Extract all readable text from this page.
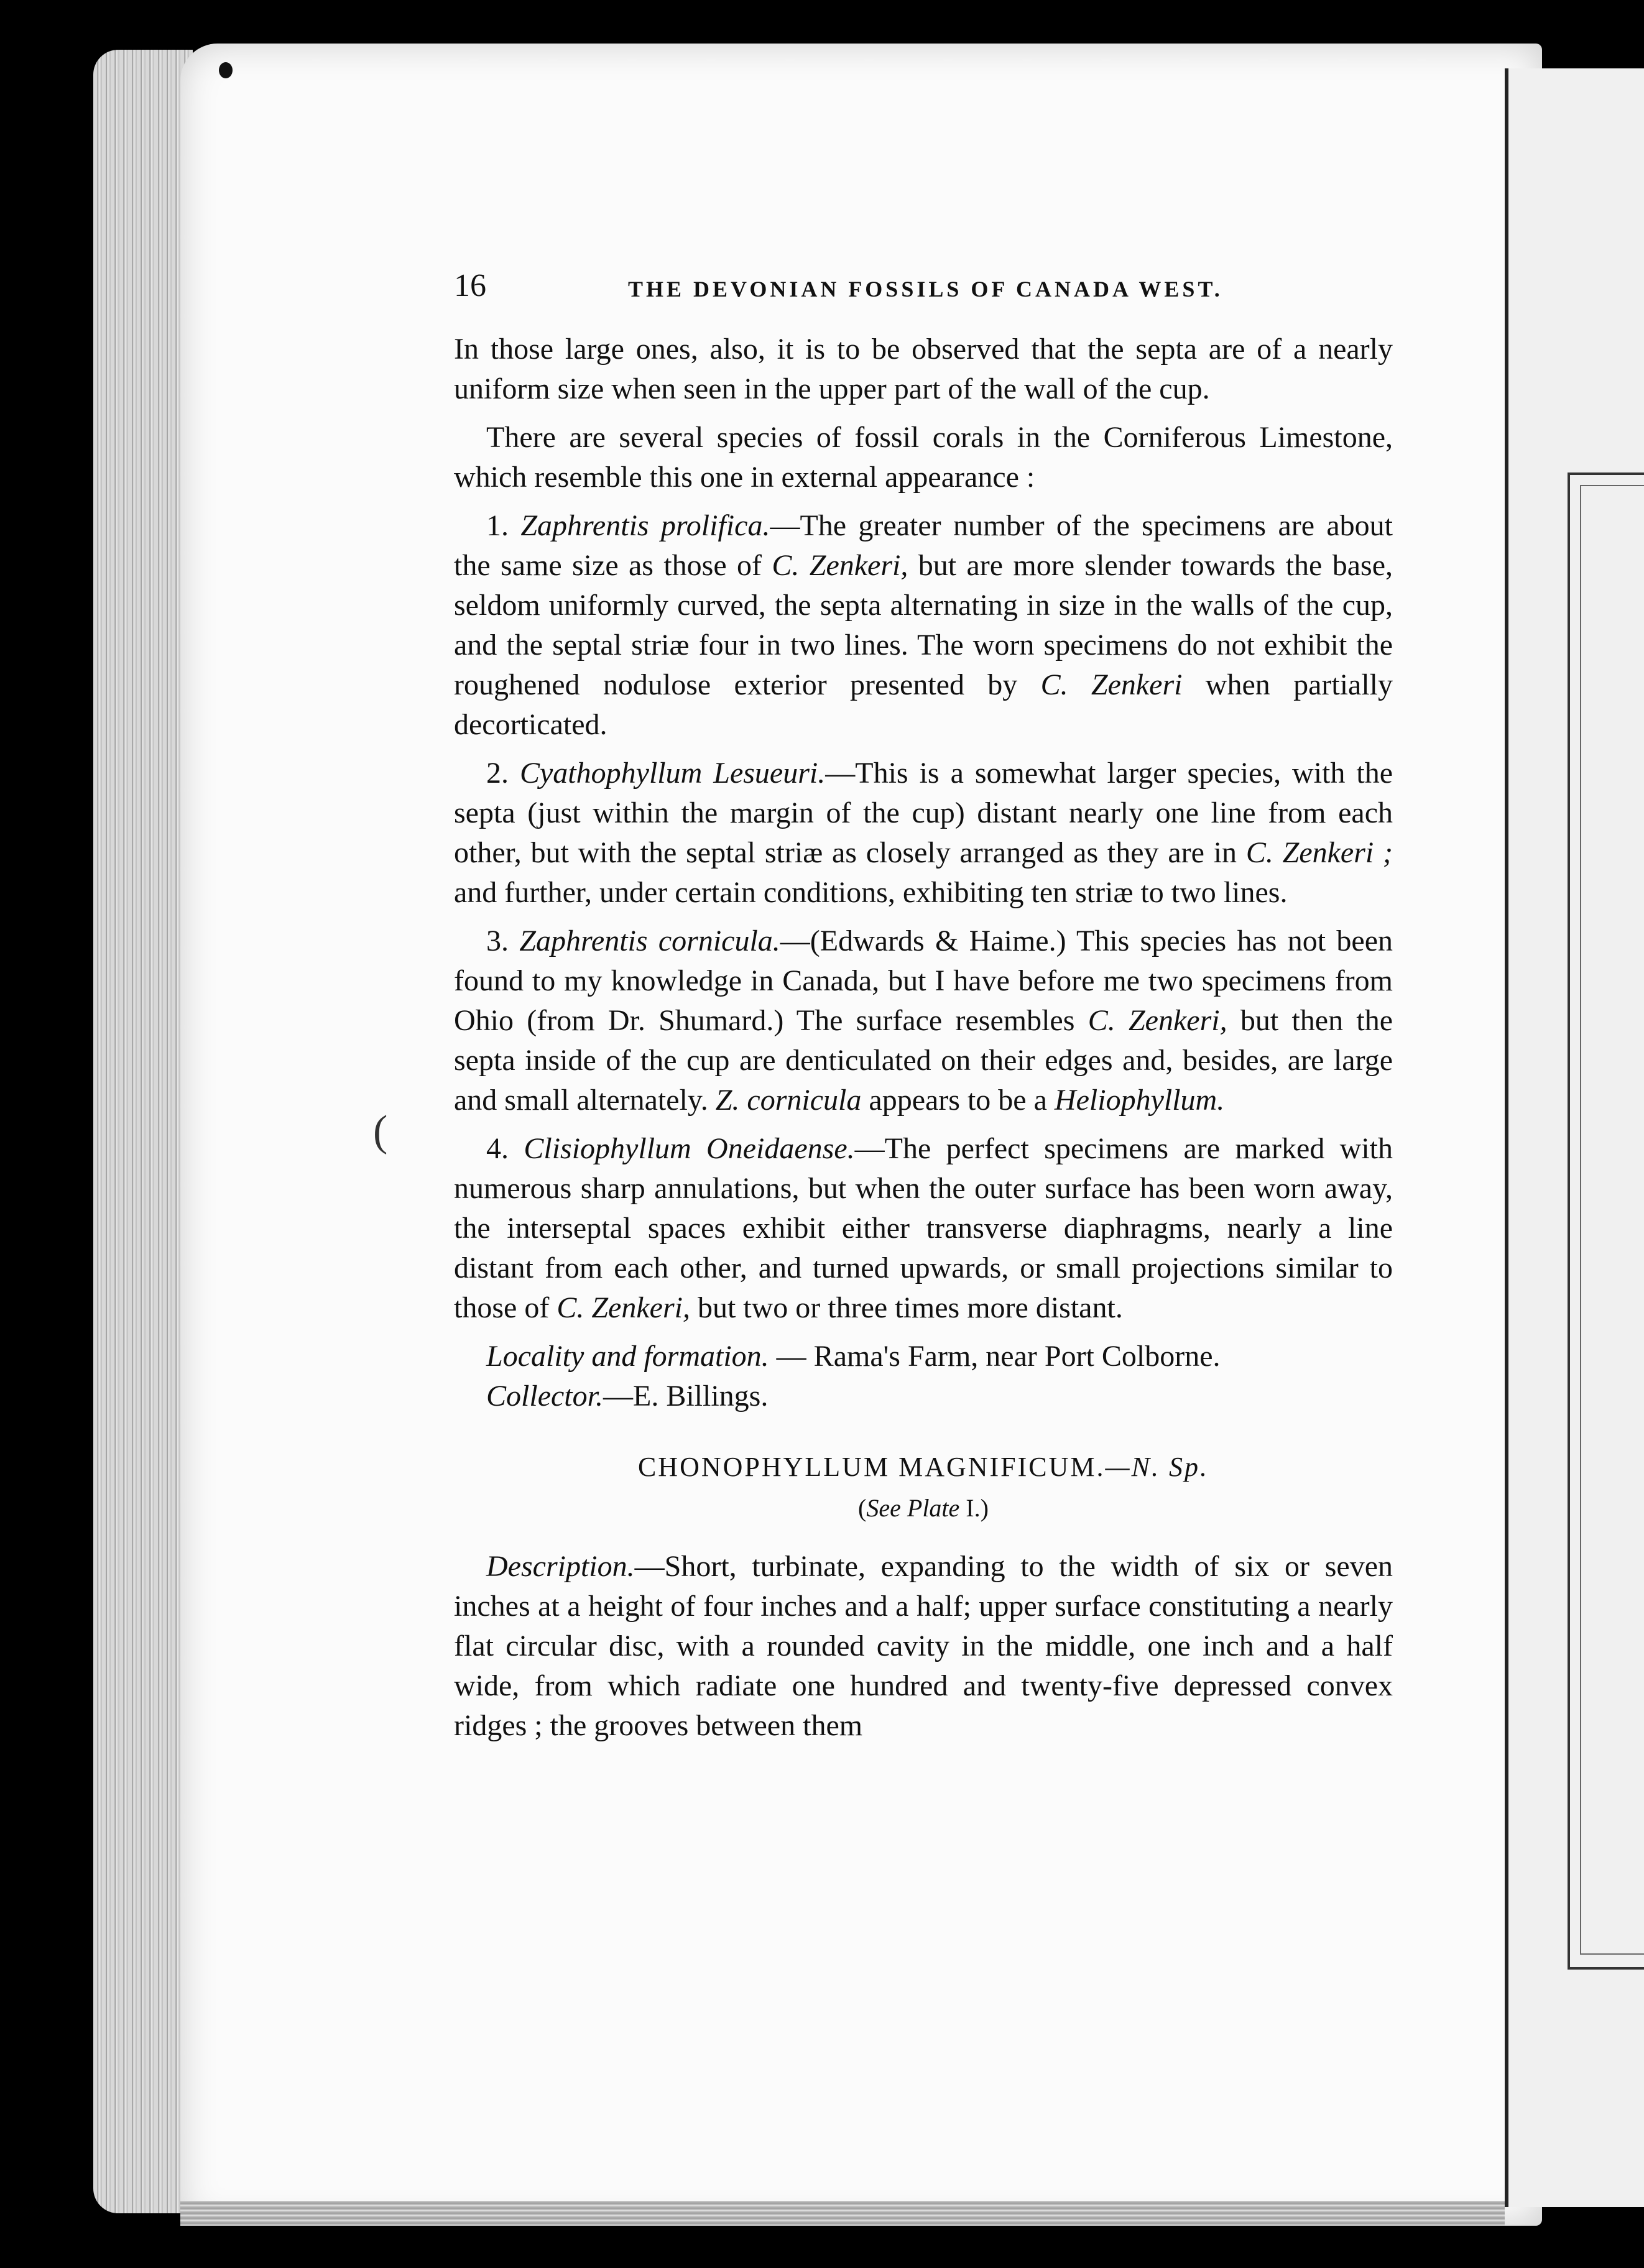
(
16	THE DEVONIAN FOSSILS OF CANADA WEST.

In those large ones, also, it is to be observed that the septa are of a nearly uniform size when seen in the upper part of the wall of the cup.

There are several species of fossil corals in the Corniferous Limestone, which resemble this one in external appearance :

1. Zaphrentis prolifica.—The greater number of the specimens are about the same size as those of C. Zenkeri, but are more slender towards the base, seldom uniformly curved, the septa alternating in size in the walls of the cup, and the septal striæ four in two lines. The worn specimens do not exhibit the roughened nodulose exterior presented by C. Zenkeri when partially decorticated.

2. Cyathophyllum Lesueuri.—This is a somewhat larger species, with the septa (just within the margin of the cup) distant nearly one line from each other, but with the septal striæ as closely arranged as they are in C. Zenkeri ; and further, under certain conditions, exhibiting ten striæ to two lines.

3. Zaphrentis cornicula.—(Edwards & Haime.) This species has not been found to my knowledge in Canada, but I have before me two specimens from Ohio (from Dr. Shumard.) The surface resembles C. Zenkeri, but then the septa inside of the cup are denticulated on their edges and, besides, are large and small alternately. Z. cornicula appears to be a Heliophyllum.

4. Clisiophyllum Oneidaense.—The perfect specimens are marked with numerous sharp annulations, but when the outer surface has been worn away, the interseptal spaces exhibit either transverse diaphragms, nearly a line distant from each other, and turned upwards, or small projections similar to those of C. Zenkeri, but two or three times more distant.

Locality and formation. — Rama's Farm, near Port Colborne.

Collector.—E. Billings.

CHONOPHYLLUM MAGNIFICUM.—N. Sp.
(See Plate I.)

Description.—Short, turbinate, expanding to the width of six or seven inches at a height of four inches and a half; upper surface constituting a nearly flat circular disc, with a rounded cavity in the middle, one inch and a half wide, from which radiate one hundred and twenty-five depressed convex ridges ; the grooves between them
